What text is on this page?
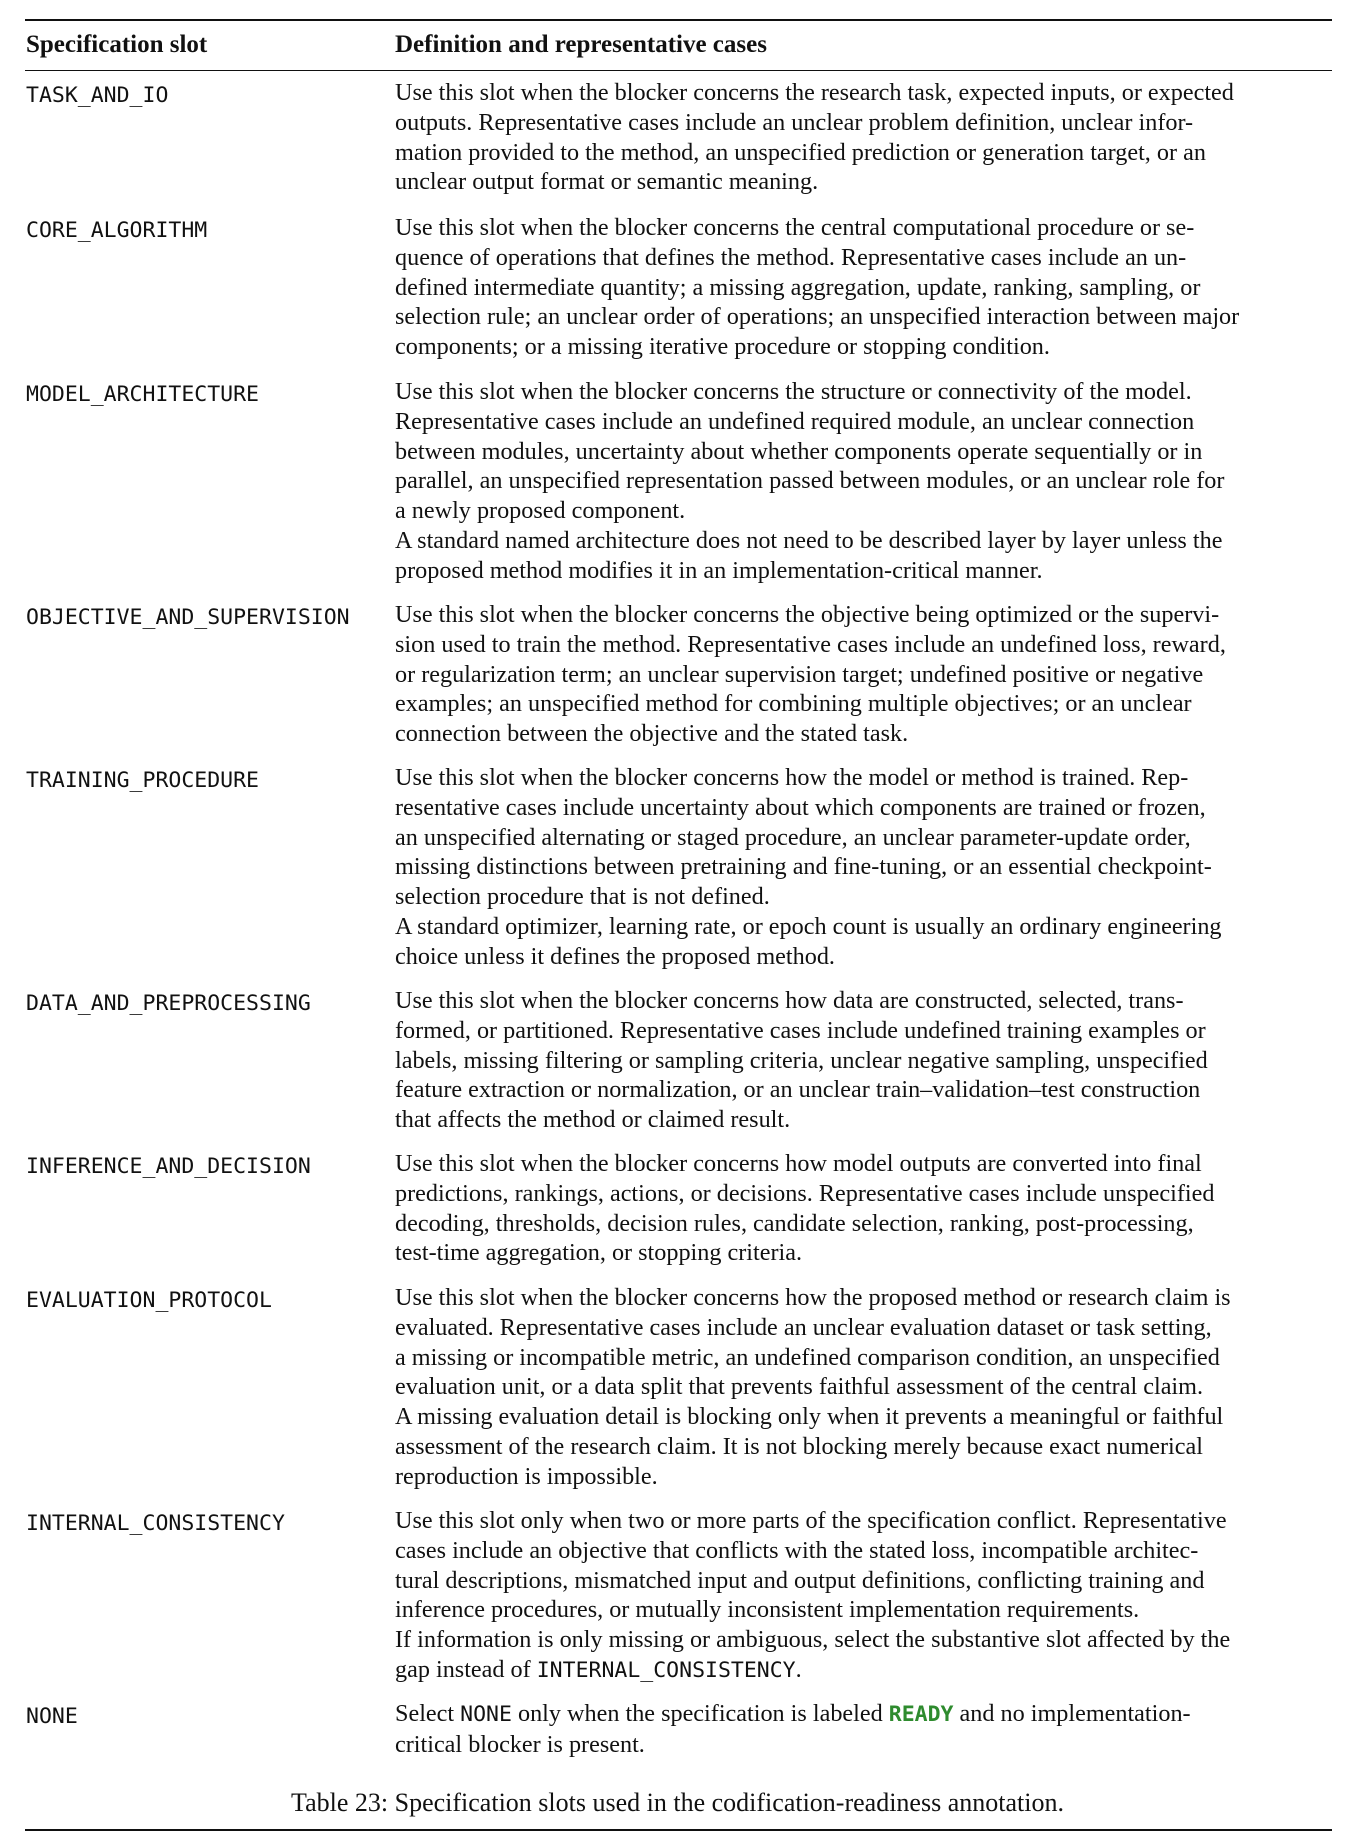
Specification slot	Definition and representative cases
TASK_AND_IO	Use this slot when the blocker concerns the research task, expected inputs, or expected

outputs. Representative cases include an unclear problem definition, unclear infor-

mation provided to the method, an unspecified prediction or generation target, or an

unclear output format or semantic meaning.

CORE_ALGORITHM	Use this slot when the blocker concerns the central computational procedure or se-

quence of operations that defines the method. Representative cases include an un-

defined intermediate quantity; a missing aggregation, update, ranking, sampling, or

selection rule; an unclear order of operations; an unspecified interaction between major

components; or a missing iterative procedure or stopping condition.

MODEL_ARCHITECTURE	Use this slot when the blocker concerns the structure or connectivity of the model.

Representative cases include an undefined required module, an unclear connection

between modules, uncertainty about whether components operate sequentially or in

parallel, an unspecified representation passed between modules, or an unclear role for

a newly proposed component.

A standard named architecture does not need to be described layer by layer unless the

proposed method modifies it in an implementation-critical manner.

OBJECTIVE_AND_SUPERVISION Use this slot when the blocker concerns the objective being optimized or the supervi-

sion used to train the method. Representative cases include an undefined loss, reward,

or regularization term; an unclear supervision target; undefined positive or negative

examples; an unspecified method for combining multiple objectives; or an unclear

connection between the objective and the stated task.

TRAINING_PROCEDURE	Use this slot when the blocker concerns how the model or method is trained. Rep-

resentative cases include uncertainty about which components are trained or frozen,

an unspecified alternating or staged procedure, an unclear parameter-update order,

missing distinctions between pretraining and fine-tuning, or an essential checkpoint-

selection procedure that is not defined.

A standard optimizer, learning rate, or epoch count is usually an ordinary engineering

choice unless it defines the proposed method.

DATA_AND_PREPROCESSING	Use this slot when the blocker concerns how data are constructed, selected, trans-

formed, or partitioned. Representative cases include undefined training examples or

labels, missing filtering or sampling criteria, unclear negative sampling, unspecified

feature extraction or normalization, or an unclear train–validation–test construction

that affects the method or claimed result.

INFERENCE_AND_DECISION	Use this slot when the blocker concerns how model outputs are converted into final

predictions, rankings, actions, or decisions. Representative cases include unspecified

decoding, thresholds, decision rules, candidate selection, ranking, post-processing,

test-time aggregation, or stopping criteria.

EVALUATION_PROTOCOL	Use this slot when the blocker concerns how the proposed method or research claim is

evaluated. Representative cases include an unclear evaluation dataset or task setting,

a missing or incompatible metric, an undefined comparison condition, an unspecified

evaluation unit, or a data split that prevents faithful assessment of the central claim.

A missing evaluation detail is blocking only when it prevents a meaningful or faithful

assessment of the research claim. It is not blocking merely because exact numerical

reproduction is impossible.

INTERNAL_CONSISTENCY	Use this slot only when two or more parts of the specification conflict. Representative

cases include an objective that conflicts with the stated loss, incompatible architec-

tural descriptions, mismatched input and output definitions, conflicting training and

inference procedures, or mutually inconsistent implementation requirements.

If information is only missing or ambiguous, select the substantive slot affected by the

gap instead of INTERNAL_CONSISTENCY.

NONE	Select NONE only when the specification is labeled READY and no implementation-

critical blocker is present.

Table 23: Specification slots used in the codification-readiness annotation.
